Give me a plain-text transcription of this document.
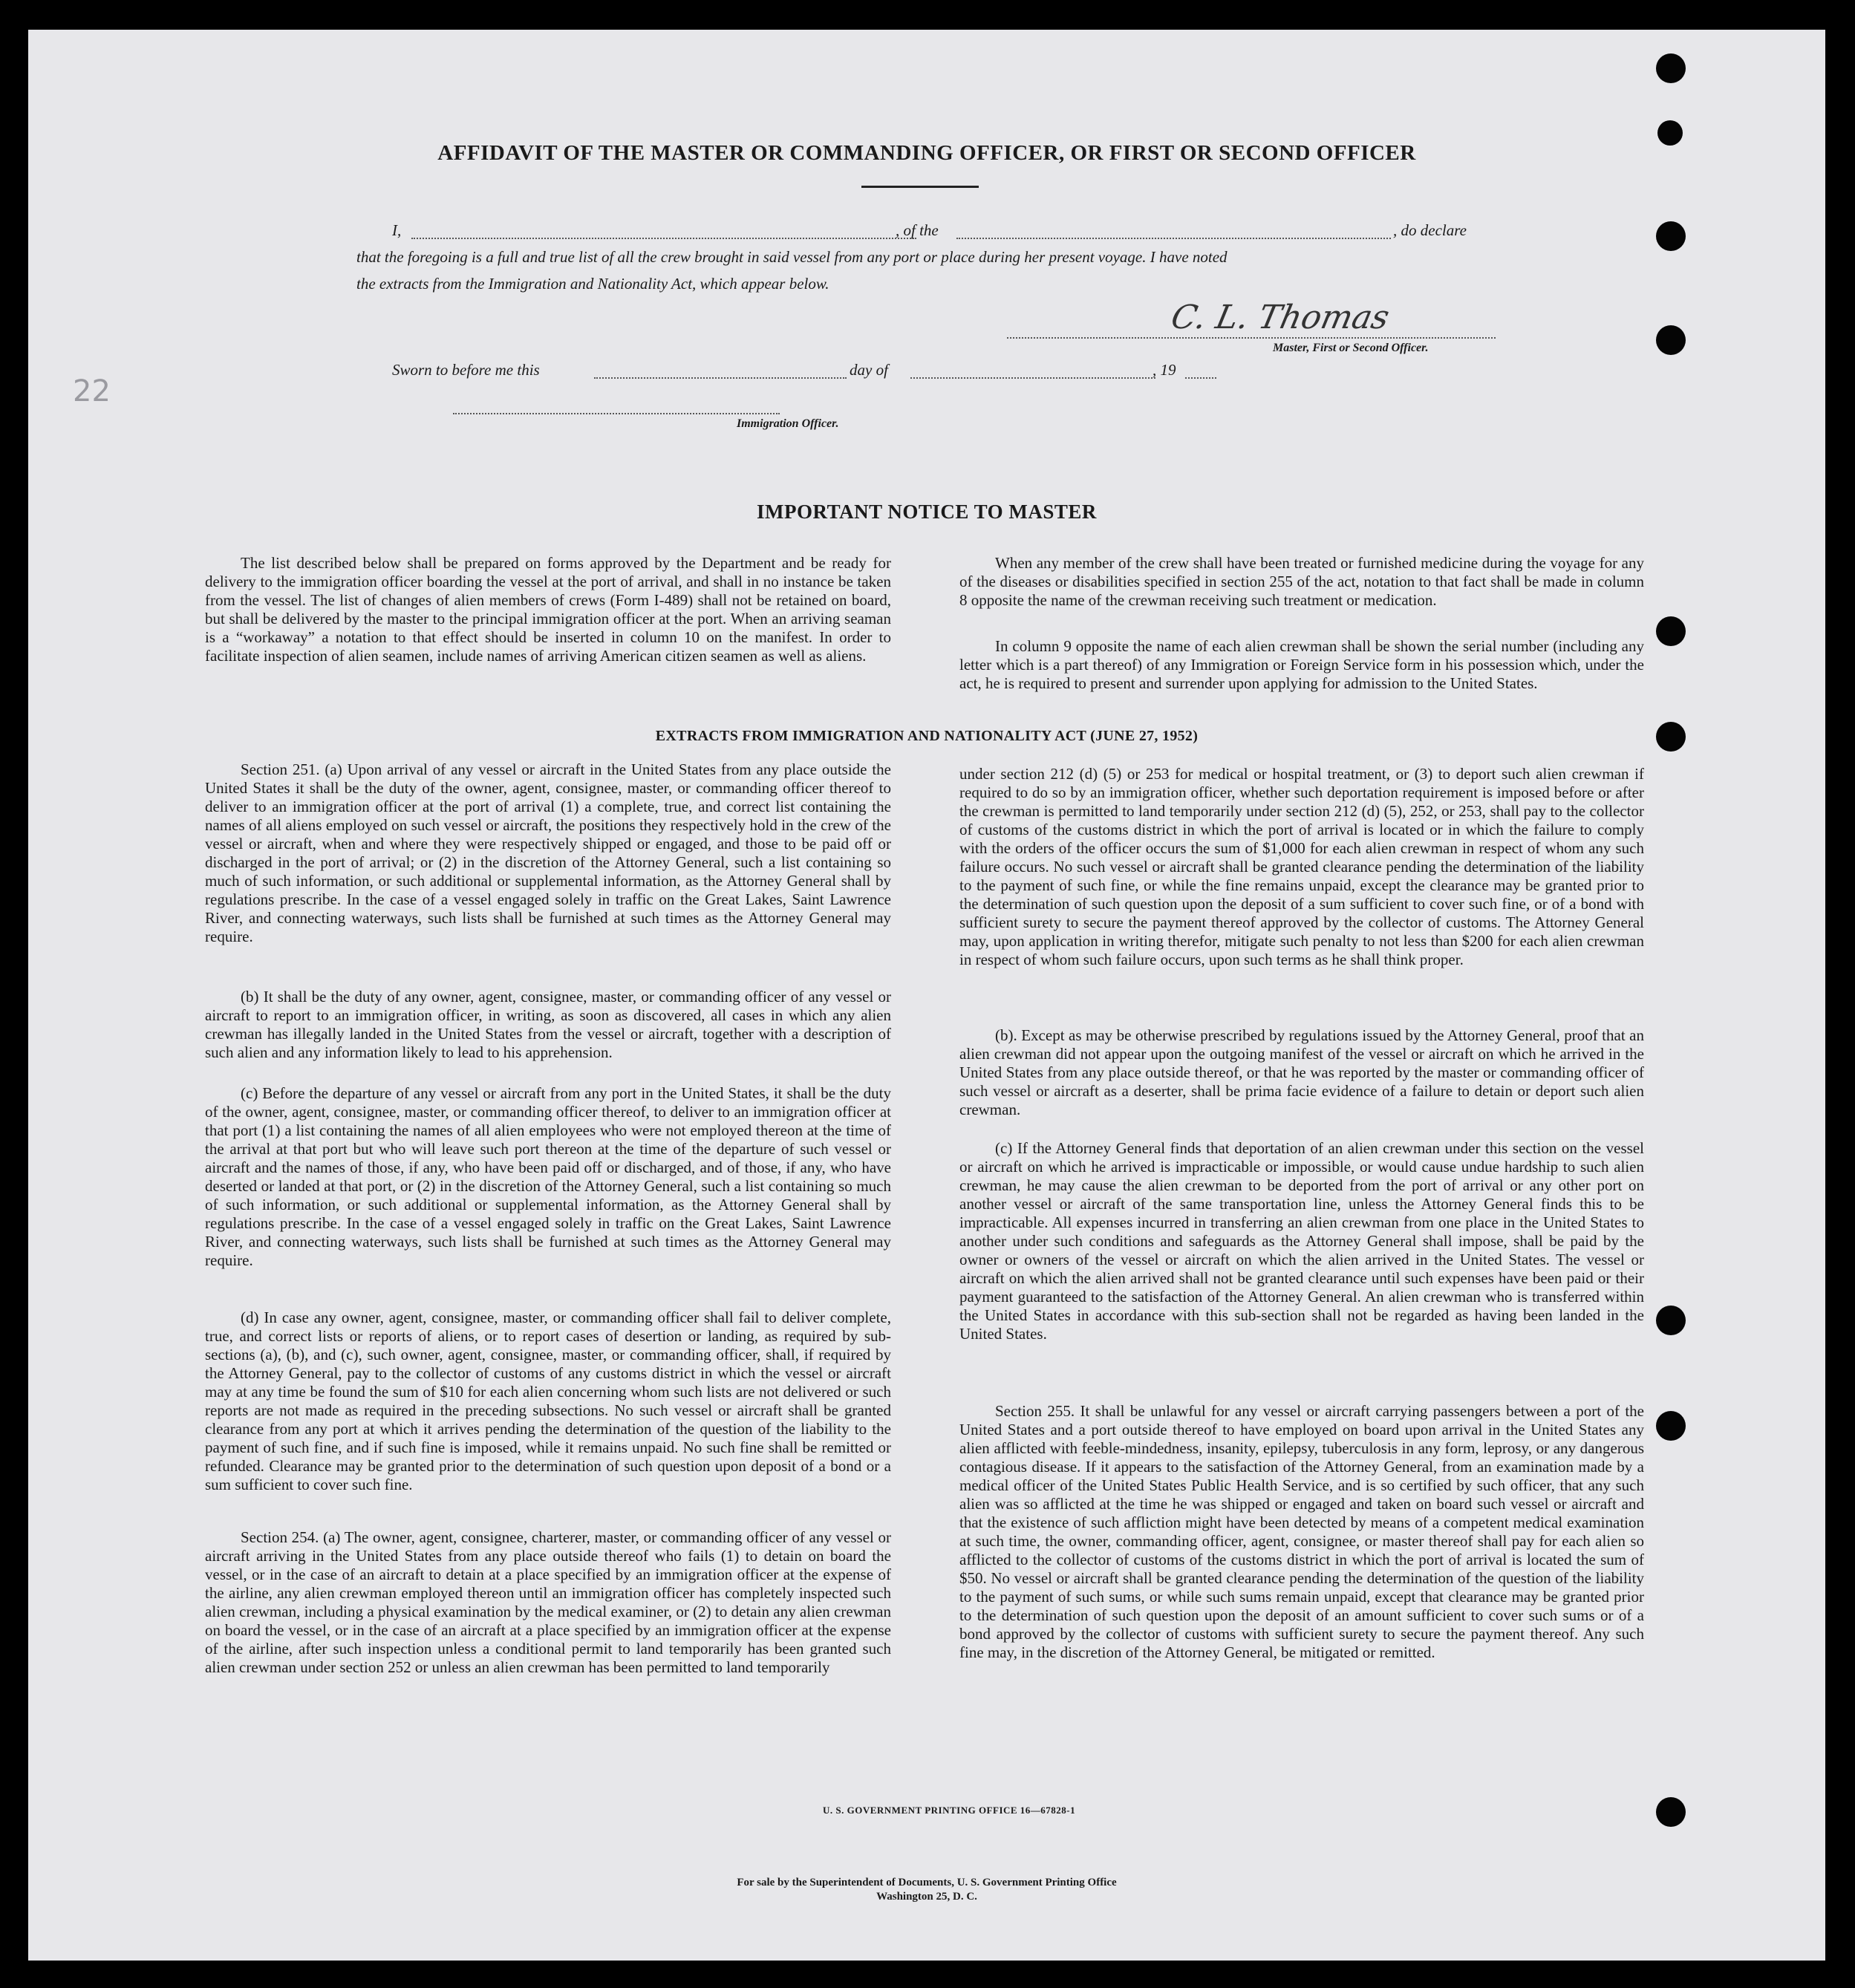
AFFIDAVIT OF THE MASTER OR COMMANDING OFFICER, OR FIRST OR SECOND OFFICER
I,	, of the	, do declare
that the foregoing is a full and true list of all the crew brought in said vessel from any port or place during her present voyage. I have noted
the extracts from the Immigration and Nationality Act, which appear below.
C. L. Thomas
Master, First or Second Officer.
Sworn to before me this	day of	, 19
22
Immigration Officer.
IMPORTANT NOTICE TO MASTER

The list described below shall be prepared on forms approved by the Department and be ready for delivery to the immigration officer boarding the vessel at the port of arrival, and shall in no instance be taken from the vessel. The list of changes of alien members of crews (Form I-489) shall not be retained on board, but shall be delivered by the master to the principal immigration officer at the port. When an arriving seaman is a “workaway” a notation to that effect should be inserted in column 10 on the manifest. In order to facilitate inspection of alien seamen, include names of arriving American citizen seamen as well as aliens.

When any member of the crew shall have been treated or furnished medicine during the voyage for any of the diseases or disabilities specified in section 255 of the act, notation to that fact shall be made in column 8 opposite the name of the crewman receiving such treatment or medication.

In column 9 opposite the name of each alien crewman shall be shown the serial number (including any letter which is a part thereof) of any Immigration or Foreign Service form in his possession which, under the act, he is required to present and surrender upon applying for admission to the United States.

EXTRACTS FROM IMMIGRATION AND NATIONALITY ACT (JUNE 27, 1952)

Section 251. (a) Upon arrival of any vessel or aircraft in the United States from any place outside the United States it shall be the duty of the owner, agent, consignee, master, or commanding officer thereof to deliver to an immigration officer at the port of arrival (1) a complete, true, and correct list containing the names of all aliens employed on such vessel or aircraft, the positions they respectively hold in the crew of the vessel or aircraft, when and where they were respectively shipped or engaged, and those to be paid off or discharged in the port of arrival; or (2) in the discretion of the Attorney General, such a list containing so much of such information, or such additional or supplemental information, as the Attorney General shall by regulations prescribe. In the case of a vessel engaged solely in traffic on the Great Lakes, Saint Lawrence River, and connecting waterways, such lists shall be furnished at such times as the Attorney General may require.

(b) It shall be the duty of any owner, agent, consignee, master, or commanding officer of any vessel or aircraft to report to an immigration officer, in writing, as soon as discovered, all cases in which any alien crewman has illegally landed in the United States from the vessel or aircraft, together with a description of such alien and any information likely to lead to his apprehension.

(c) Before the departure of any vessel or aircraft from any port in the United States, it shall be the duty of the owner, agent, consignee, master, or commanding officer thereof, to deliver to an immigration officer at that port (1) a list containing the names of all alien employees who were not employed thereon at the time of the arrival at that port but who will leave such port thereon at the time of the departure of such vessel or aircraft and the names of those, if any, who have been paid off or discharged, and of those, if any, who have deserted or landed at that port, or (2) in the discretion of the Attorney General, such a list containing so much of such information, or such additional or supplemental information, as the Attorney General shall by regulations prescribe. In the case of a vessel engaged solely in traffic on the Great Lakes, Saint Lawrence River, and connecting waterways, such lists shall be furnished at such times as the Attorney General may require.

(d) In case any owner, agent, consignee, master, or commanding officer shall fail to deliver complete, true, and correct lists or reports of aliens, or to report cases of desertion or landing, as required by sub-sections (a), (b), and (c), such owner, agent, consignee, master, or commanding officer, shall, if required by the Attorney General, pay to the collector of customs of any customs district in which the vessel or aircraft may at any time be found the sum of $10 for each alien concerning whom such lists are not delivered or such reports are not made as required in the preceding subsections. No such vessel or aircraft shall be granted clearance from any port at which it arrives pending the determination of the question of the liability to the payment of such fine, and if such fine is imposed, while it remains unpaid. No such fine shall be remitted or refunded. Clearance may be granted prior to the determination of such question upon deposit of a bond or a sum sufficient to cover such fine.

Section 254. (a) The owner, agent, consignee, charterer, master, or commanding officer of any vessel or aircraft arriving in the United States from any place outside thereof who fails (1) to detain on board the vessel, or in the case of an aircraft to detain at a place specified by an immigration officer at the expense of the airline, any alien crewman employed thereon until an immigration officer has completely inspected such alien crewman, including a physical examination by the medical examiner, or (2) to detain any alien crewman on board the vessel, or in the case of an aircraft at a place specified by an immigration officer at the expense of the airline, after such inspection unless a conditional permit to land temporarily has been granted such alien crewman under section 252 or unless an alien crewman has been permitted to land temporarily

under section 212 (d) (5) or 253 for medical or hospital treatment, or (3) to deport such alien crewman if required to do so by an immigration officer, whether such deportation requirement is imposed before or after the crewman is permitted to land temporarily under section 212 (d) (5), 252, or 253, shall pay to the collector of customs of the customs district in which the port of arrival is located or in which the failure to comply with the orders of the officer occurs the sum of $1,000 for each alien crewman in respect of whom any such failure occurs. No such vessel or aircraft shall be granted clearance pending the determination of the liability to the payment of such fine, or while the fine remains unpaid, except the clearance may be granted prior to the determination of such question upon the deposit of a sum sufficient to cover such fine, or of a bond with sufficient surety to secure the payment thereof approved by the collector of customs. The Attorney General may, upon application in writing therefor, mitigate such penalty to not less than $200 for each alien crewman in respect of whom such failure occurs, upon such terms as he shall think proper.

(b). Except as may be otherwise prescribed by regulations issued by the Attorney General, proof that an alien crewman did not appear upon the outgoing manifest of the vessel or aircraft on which he arrived in the United States from any place outside thereof, or that he was reported by the master or commanding officer of such vessel or aircraft as a deserter, shall be prima facie evidence of a failure to detain or deport such alien crewman.

(c) If the Attorney General finds that deportation of an alien crewman under this section on the vessel or aircraft on which he arrived is impracticable or impossible, or would cause undue hardship to such alien crewman, he may cause the alien crewman to be deported from the port of arrival or any other port on another vessel or aircraft of the same transportation line, unless the Attorney General finds this to be impracticable. All expenses incurred in transferring an alien crewman from one place in the United States to another under such conditions and safeguards as the Attorney General shall impose, shall be paid by the owner or owners of the vessel or aircraft on which the alien arrived in the United States. The vessel or aircraft on which the alien arrived shall not be granted clearance until such expenses have been paid or their payment guaranteed to the satisfaction of the Attorney General. An alien crewman who is transferred within the United States in accordance with this sub-section shall not be regarded as having been landed in the United States.

Section 255. It shall be unlawful for any vessel or aircraft carrying passengers between a port of the United States and a port outside thereof to have employed on board upon arrival in the United States any alien afflicted with feeble-mindedness, insanity, epilepsy, tuberculosis in any form, leprosy, or any dangerous contagious disease. If it appears to the satisfaction of the Attorney General, from an examination made by a medical officer of the United States Public Health Service, and is so certified by such officer, that any such alien was so afflicted at the time he was shipped or engaged and taken on board such vessel or aircraft and that the existence of such affliction might have been detected by means of a competent medical examination at such time, the owner, commanding officer, agent, consignee, or master thereof shall pay for each alien so afflicted to the collector of customs of the customs district in which the port of arrival is located the sum of $50. No vessel or aircraft shall be granted clearance pending the determination of the question of the liability to the payment of such sums, or while such sums remain unpaid, except that clearance may be granted prior to the determination of such question upon the deposit of an amount sufficient to cover such sums or of a bond approved by the collector of customs with sufficient surety to secure the payment thereof. Any such fine may, in the discretion of the Attorney General, be mitigated or remitted.

U. S. GOVERNMENT PRINTING OFFICE 16—67828-1
For sale by the Superintendent of Documents, U. S. Government Printing Office
Washington 25, D. C.
